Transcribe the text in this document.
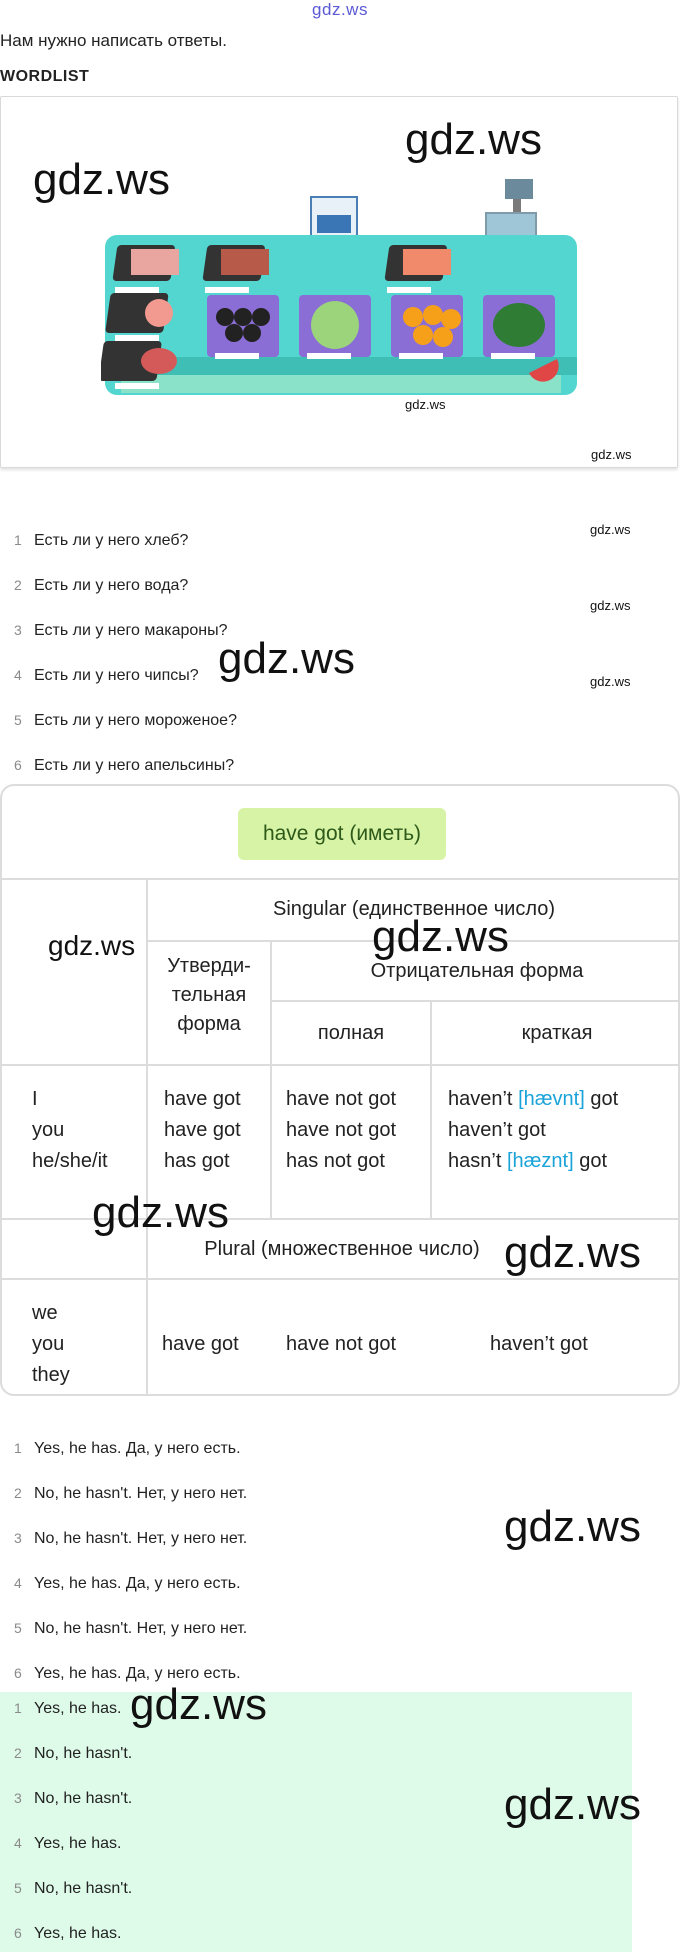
gdz.ws
Нам нужно написать ответы.
WORDLIST
gdz.ws
gdz.ws
gdz.ws
gdz.ws
1 Есть ли у него хлеб?
2 Есть ли у него вода?
3 Есть ли у него макароны?
4 Есть ли у него чипсы?
5 Есть ли у него мороженое?
6 Есть ли у него апельсины?
gdz.ws
gdz.ws
gdz.ws
gdz.ws
have got (иметь)
Singular (единственное число)
Утверди-тельная форма
Отрицательная форма
полная	краткая
I
you
he/she/it
have got
have got
has got
have not got
have not got
has not got
haven’t [hævnt] got
haven’t got
hasn’t [hæznt] got
Plural (множественное число)
we
you
they
have got have not got	haven’t got
gdz.ws
gdz.ws
gdz.ws
gdz.ws
1 Yes, he has. Да, у него есть.
2 No, he hasn't. Нет, у него нет.
3 No, he hasn't. Нет, у него нет.
4 Yes, he has. Да, у него есть.
5 No, he hasn't. Нет, у него нет.
6 Yes, he has. Да, у него есть.
gdz.ws
1 Yes, he has.
2 No, he hasn't.
3 No, he hasn't.
4 Yes, he has.
5 No, he hasn't.
6 Yes, he has.
gdz.ws
gdz.ws
